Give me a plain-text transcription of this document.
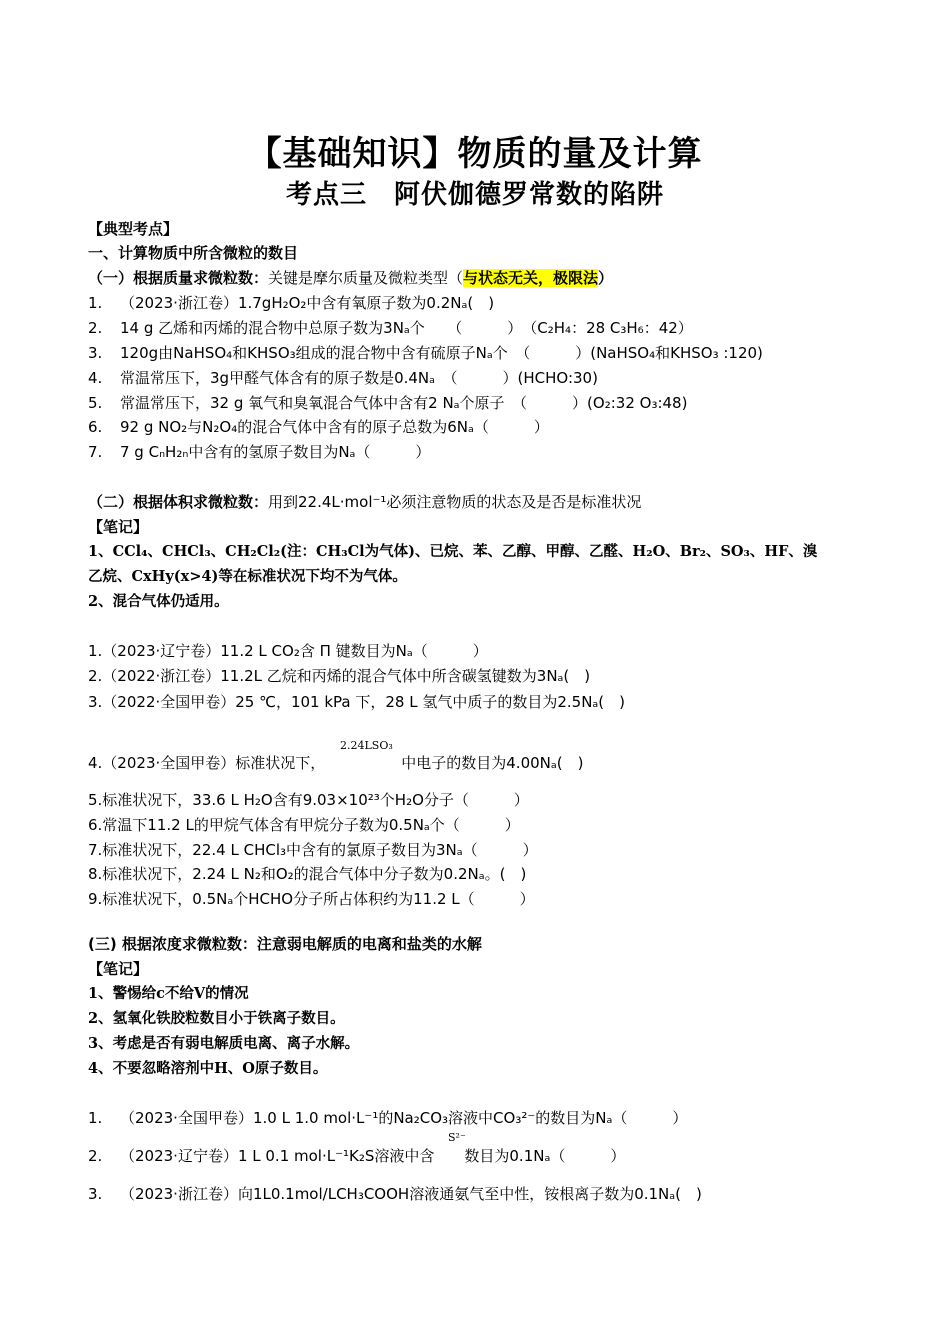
【基础知识】物质的量及计算
考点三　阿伏伽德罗常数的陷阱
【典型考点】
一、计算物质中所含微粒的数目
（一）根据质量求微粒数：关键是摩尔质量及微粒类型（与状态无关，极限法）
1. （2023·浙江卷）1.7gH₂O₂中含有氧原子数为0.2Nₐ(　)
2. 14 g 乙烯和丙烯的混合物中总原子数为3Nₐ个　　（　　　）　（C₂H₄：28 C₃H₆：42）
3. 120g由NaHSO₄和KHSO₃组成的混合物中含有硫原子Nₐ个　（　　　）(NaHSO₄和KHSO₃ :120)
4. 常温常压下，3g甲醛气体含有的原子数是0.4Nₐ　（　　　）(HCHO:30)
5. 常温常压下，32 g 氧气和臭氧混合气体中含有2 Nₐ个原子　（　　　）(O₂:32 O₃:48)
6. 92 g NO₂与N₂O₄的混合气体中含有的原子总数为6Nₐ（　　　）
7. 7 g CₙH₂ₙ中含有的氢原子数目为Nₐ（　　　）
（二）根据体积求微粒数：用到22.4L·mol⁻¹必须注意物质的状态及是否是标准状况
【笔记】
1、CCl₄、CHCl₃、CH₂Cl₂(注：CH₃Cl为气体)、已烷、苯、乙醇、甲醇、乙醛、H₂O、Br₂、SO₃、HF、溴
乙烷、CxHy(x>4)等在标准状况下均不为气体。
2、混合气体仍适用。
1.（2023·辽宁卷）11.2 L CO₂含 Π 键数目为Nₐ（　　　）
2.（2022·浙江卷）11.2L 乙烷和丙烯的混合气体中所含碳氢键数为3Nₐ(　)
3.（2022·全国甲卷）25 ℃，101 kPa 下，28 L 氢气中质子的数目为2.5Nₐ(　)
4.（2023·全国甲卷）标准状况下，	中电子的数目为4.00Nₐ(　)
2.24LSO₃
5.标准状况下，33.6 L H₂O含有9.03×10²³个H₂O分子（　　　）
6.常温下11.2 L的甲烷气体含有甲烷分子数为0.5Nₐ个（　　　）
7.标准状况下，22.4 L CHCl₃中含有的氯原子数目为3Nₐ（　　　）
8.标准状况下，2.24 L N₂和O₂的混合气体中分子数为0.2Nₐ。(　)
9.标准状况下，0.5Nₐ个HCHO分子所占体积约为11.2 L（　　　）
(三) 根据浓度求微粒数：注意弱电解质的电离和盐类的水解
【笔记】
1、警惕给c不给V的情况
2、氢氧化铁胶粒数目小于铁离子数目。
3、考虑是否有弱电解质电离、离子水解。
4、不要忽略溶剂中H、O原子数目。
1. （2023·全国甲卷）1.0 L 1.0 mol·L⁻¹的Na₂CO₃溶液中CO₃²⁻的数目为Nₐ（　　　）
2. （2023·辽宁卷）1 L 0.1 mol·L⁻¹K₂S溶液中含 数目为0.1Nₐ（　　　）
S²⁻
3. （2023·浙江卷）向1L0.1mol/LCH₃COOH溶液通氨气至中性，铵根离子数为0.1Nₐ(　)
